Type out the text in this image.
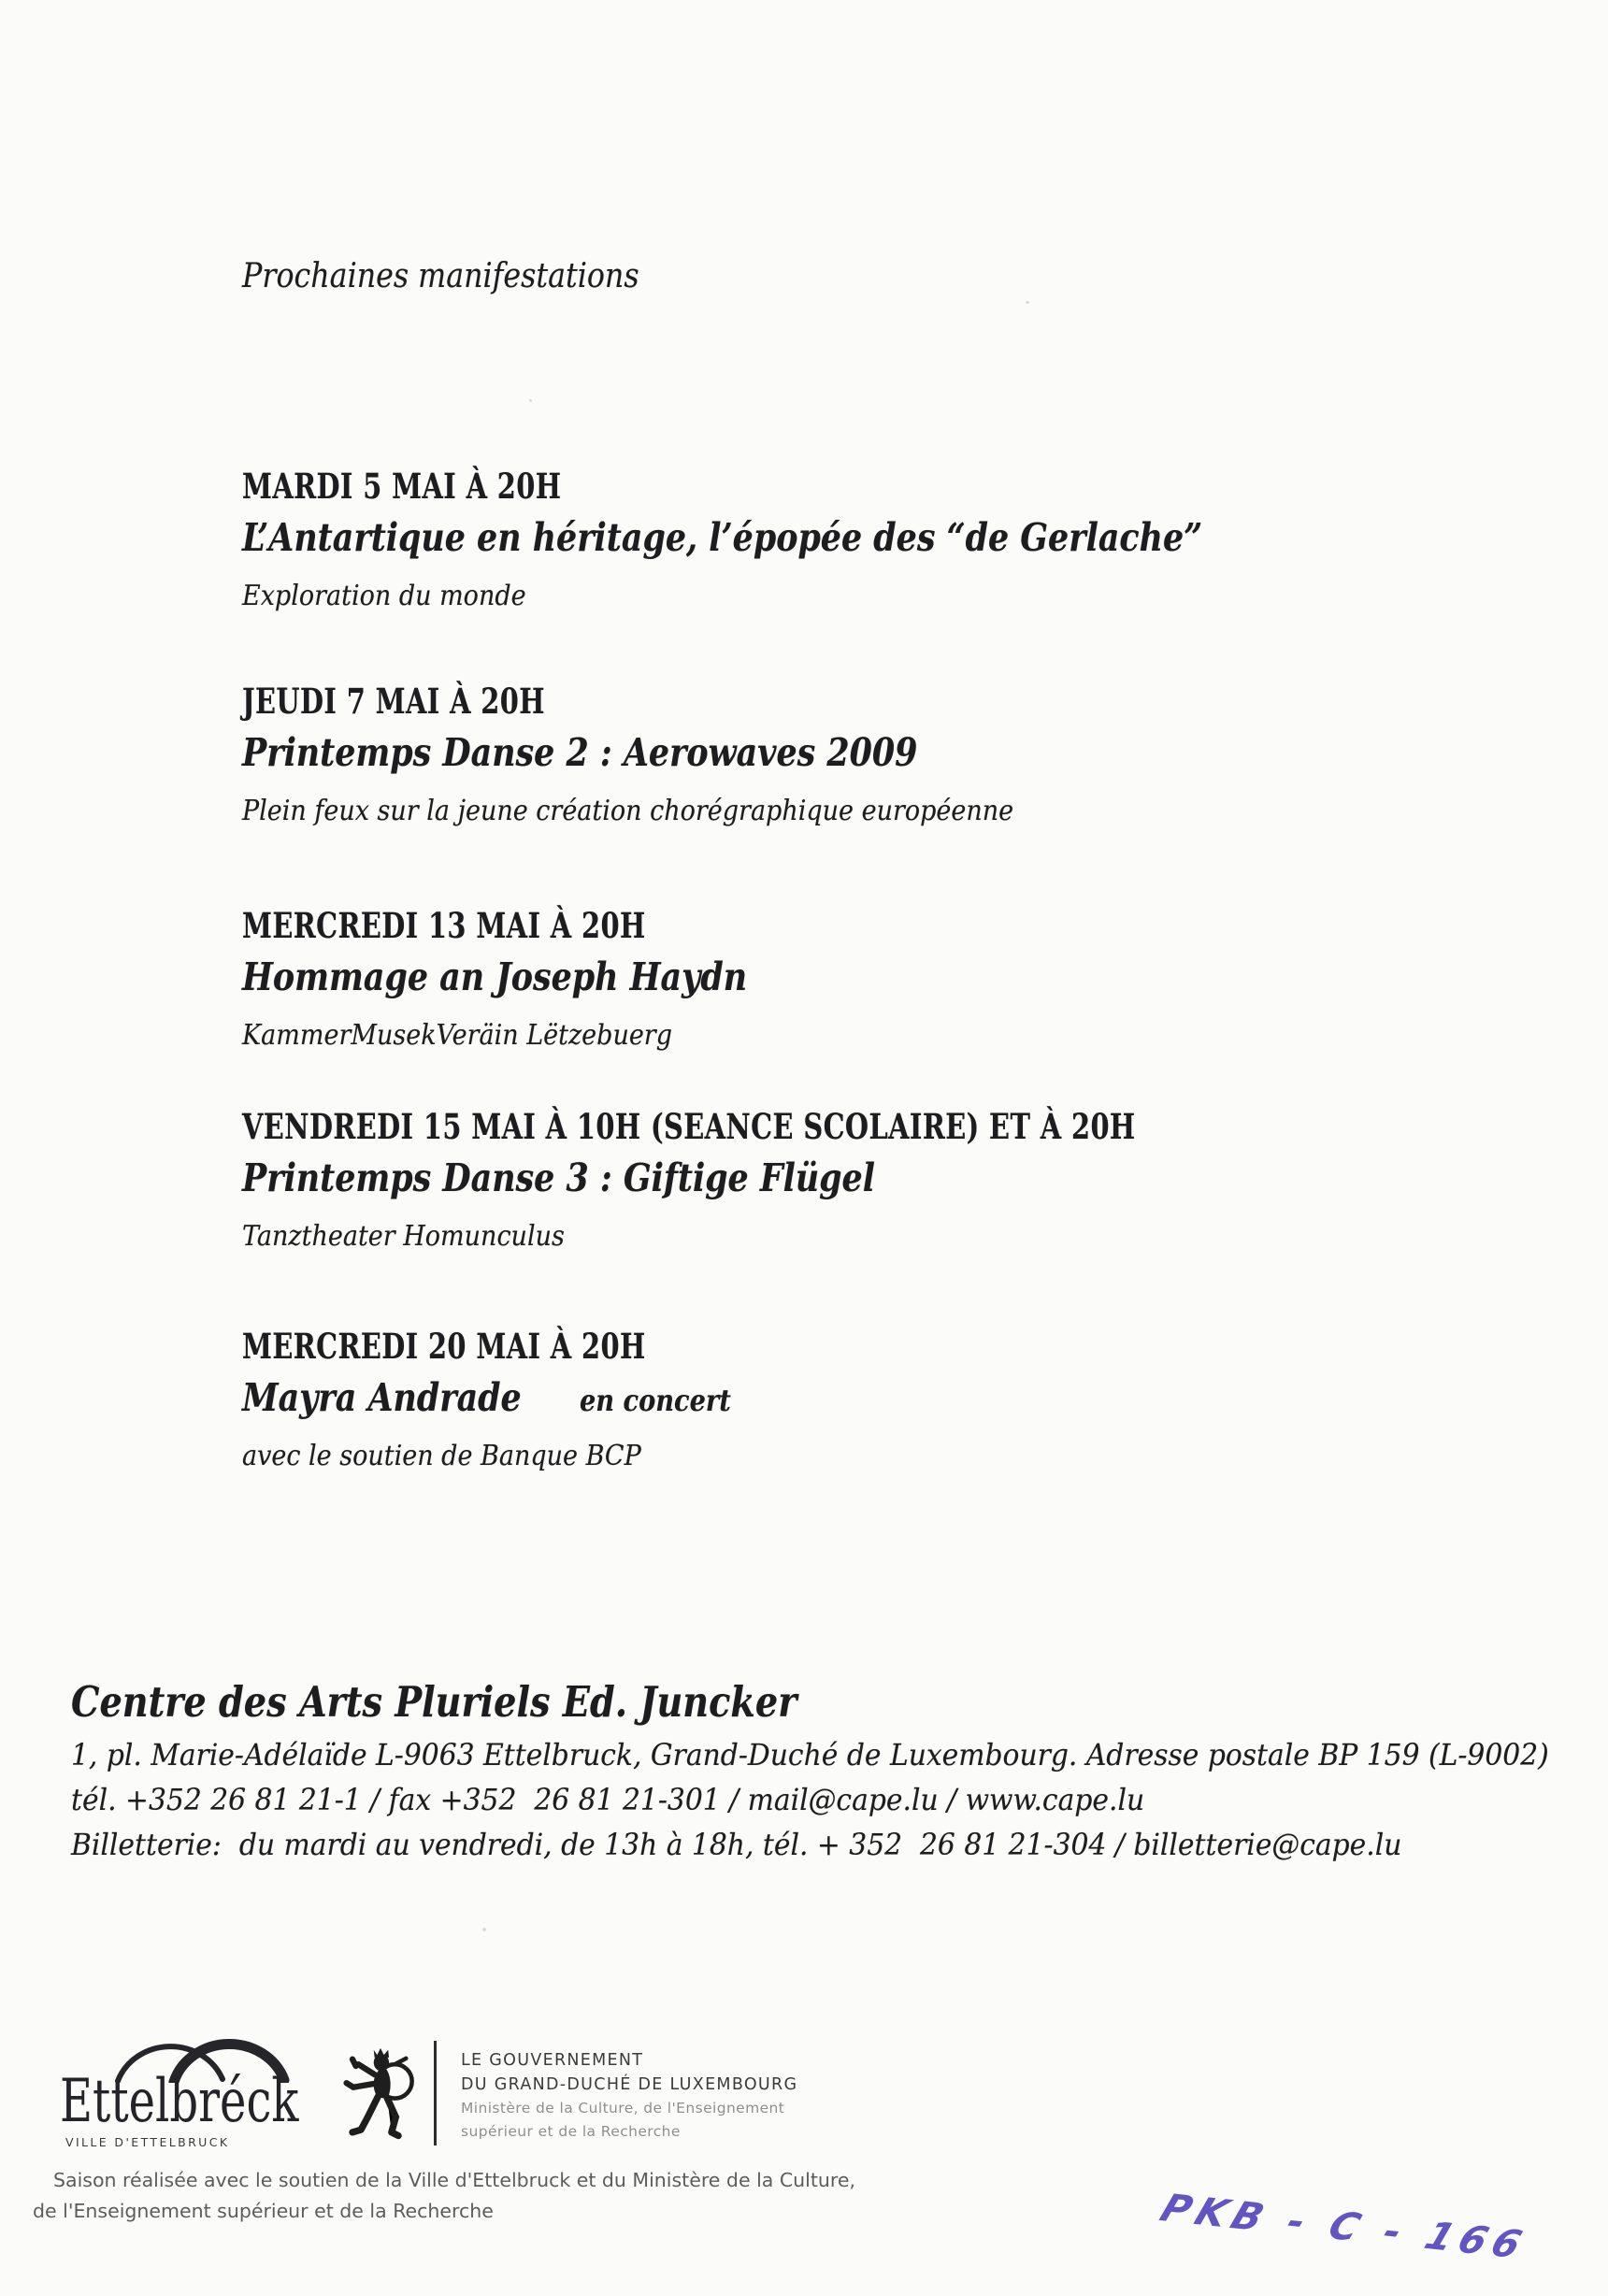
Prochaines manifestations
MARDI 5 MAI À 20H
L’Antartique en héritage, l’épopée des “de Gerlache”
Exploration du monde
JEUDI 7 MAI À 20H
Printemps Danse 2 : Aerowaves 2009
Plein feux sur la jeune création chorégraphique européenne
MERCREDI 13 MAI À 20H
Hommage an Joseph Haydn
KammerMusekVeräin Lëtzebuerg
VENDREDI 15 MAI À 10H (SEANCE SCOLAIRE) ET À 20H
Printemps Danse 3 : Giftige Flügel
Tanztheater Homunculus
MERCREDI 20 MAI À 20H
Mayra Andrade en concert
avec le soutien de Banque BCP
Centre des Arts Pluriels Ed. Juncker
1, pl. Marie-Adélaïde L-9063 Ettelbruck, Grand-Duché de Luxembourg. Adresse postale BP 159 (L-9002)
tél. +352 26 81 21-1 / fax +352  26 81 21-301 / mail@cape.lu / www.cape.lu
Billetterie:  du mardi au vendredi, de 13h à 18h, tél. + 352  26 81 21-304 / billetterie@cape.lu
Ettelbréck
VILLE D'ETTELBRUCK
LE GOUVERNEMENT
DU GRAND-DUCHÉ DE LUXEMBOURG
Ministère de la Culture, de l'Enseignement
supérieur et de la Recherche
Saison réalisée avec le soutien de la Ville d'Ettelbruck et du Ministère de la Culture,
de l'Enseignement supérieur et de la Recherche	PKB - C - 166
